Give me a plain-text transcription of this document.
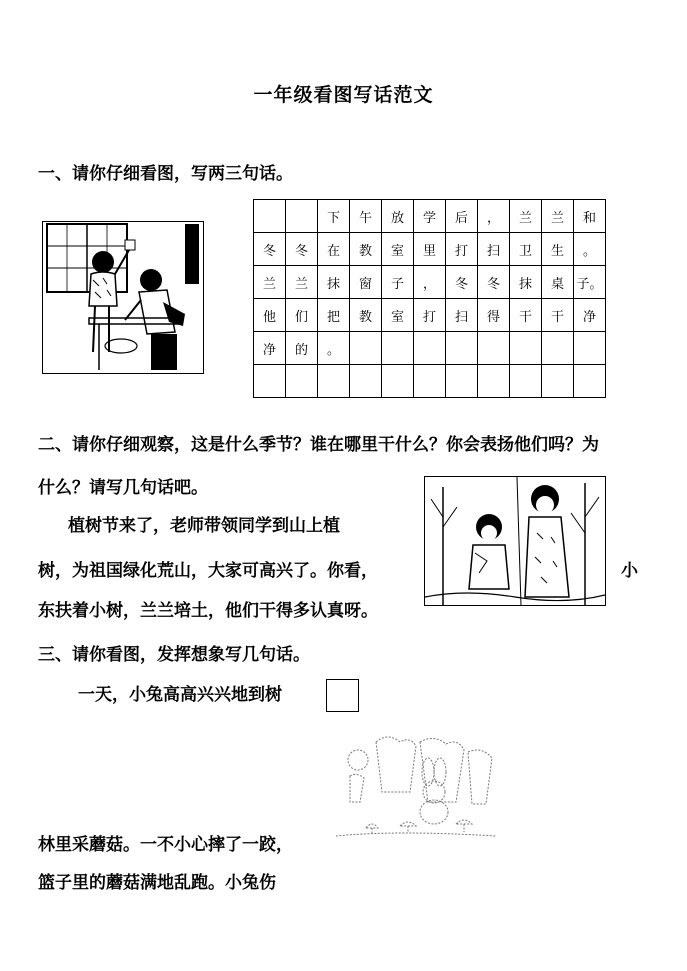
一年级看图写话范文
一、请你仔细看图，写两三句话。
		下	午	放	学	后	，	兰	兰	和
冬	冬	在	教	室	里	打	扫	卫	生	。
兰	兰	抹	窗	子	，	冬	冬	抹	桌	子。
他	们	把	教	室	打	扫	得	干	干	净
净	的	。								

二、请你仔细观察，这是什么季节？谁在哪里干什么？你会表扬他们吗？为
什么？请写几句话吧。
植树节来了，老师带领同学到山上植
树，为祖国绿化荒山，大家可高兴了。你看，	小
东扶着小树，兰兰培土，他们干得多认真呀。
三、请你看图，发挥想象写几句话。
一天，小兔高高兴兴地到树
林里采蘑菇。一不小心摔了一跤，
篮子里的蘑菇满地乱跑。小兔伤
